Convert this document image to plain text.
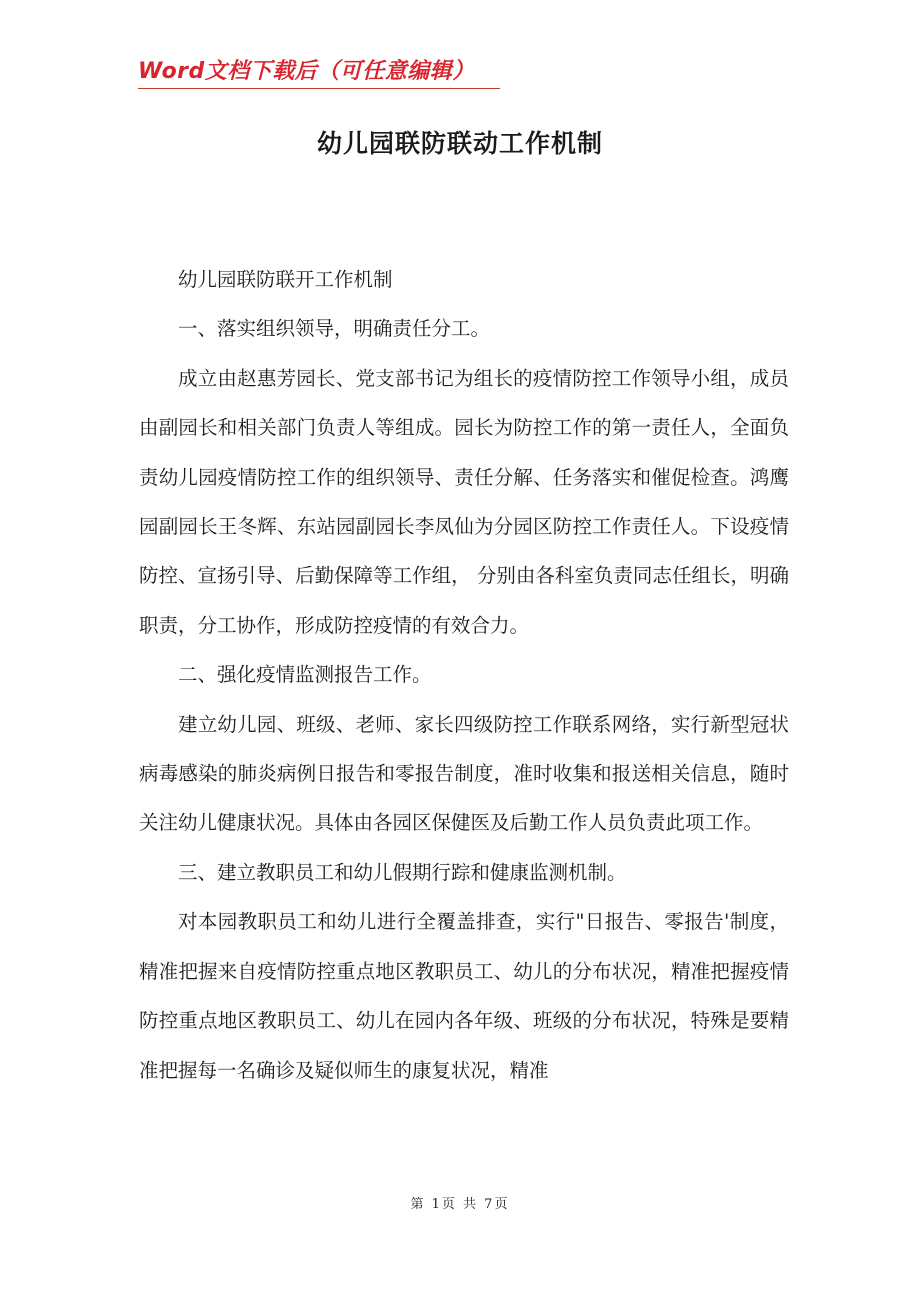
Word文档下载后（可任意编辑）
幼儿园联防联动工作机制

幼儿园联防联开工作机制

一、落实组织领导，明确责任分工。

成立由赵惠芳园长、党支部书记为组长的疫情防控工作领导小组，成员由副园长和相关部门负责人等组成。园长为防控工作的第一责任人，全面负责幼儿园疫情防控工作的组织领导、责任分解、任务落实和催促检查。鸿鹰园副园长王冬辉、东站园副园长李凤仙为分园区防控工作责任人。下设疫情防控、宣扬引导、后勤保障等工作组， 分别由各科室负责同志任组长，明确职责，分工协作，形成防控疫情的有效合力。

二、强化疫情监测报告工作。

建立幼儿园、班级、老师、家长四级防控工作联系网络，实行新型冠状病毒感染的肺炎病例日报告和零报告制度，准时收集和报送相关信息，随时关注幼儿健康状况。具体由各园区保健医及后勤工作人员负责此项工作。

三、建立教职员工和幼儿假期行踪和健康监测机制。

对本园教职员工和幼儿进行全覆盖排查，实行"日报告、零报告'制度，精准把握来自疫情防控重点地区教职员工、幼儿的分布状况，精准把握疫情防控重点地区教职员工、幼儿在园内各年级、班级的分布状况，特殊是要精准把握每一名确诊及疑似师生的康复状况，精准

第 1页 共 7页
